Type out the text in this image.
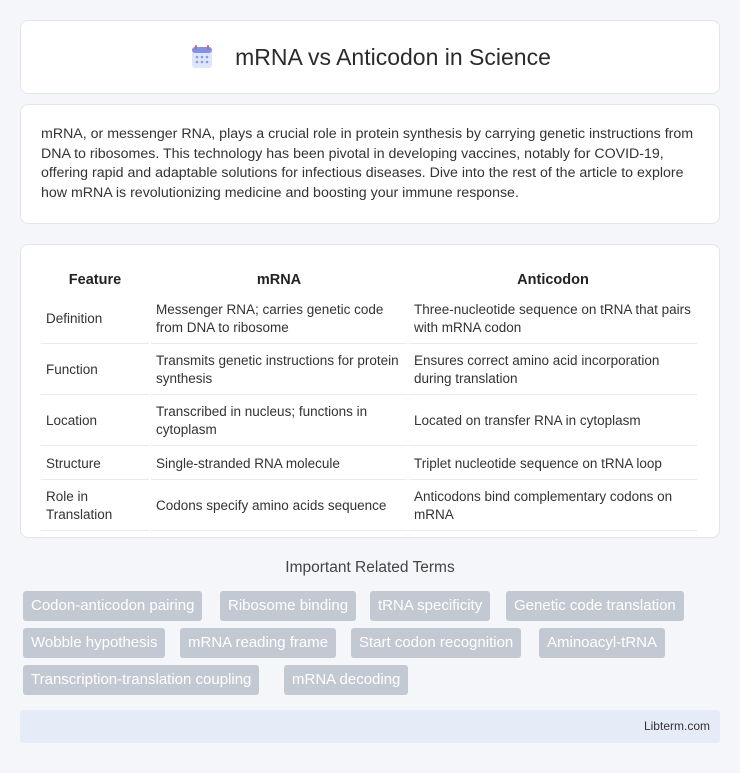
mRNA vs Anticodon in Science

mRNA, or messenger RNA, plays a crucial role in protein synthesis by carrying genetic instructions from DNA to ribosomes. This technology has been pivotal in developing vaccines, notably for COVID-19, offering rapid and adaptable solutions for infectious diseases. Dive into the rest of the article to explore how mRNA is revolutionizing medicine and boosting your immune response.

Feature	mRNA	Anticodon
Definition	Messenger RNA; carries genetic code from DNA to ribosome	Three-nucleotide sequence on tRNA that pairs with mRNA codon
Function	Transmits genetic instructions for protein synthesis	Ensures correct amino acid incorporation during translation
Location	Transcribed in nucleus; functions in cytoplasm	Located on transfer RNA in cytoplasm
Structure	Single-stranded RNA molecule	Triplet nucleotide sequence on tRNA loop
Role in Translation	Codons specify amino acids sequence	Anticodons bind complementary codons on mRNA
Important Related Terms
Codon-anticodon pairing	Ribosome binding	tRNA specificity	Genetic code translation
Wobble hypothesis	mRNA reading frame	Start codon recognition	Aminoacyl-tRNA
Transcription-translation coupling	mRNA decoding
Libterm.com
